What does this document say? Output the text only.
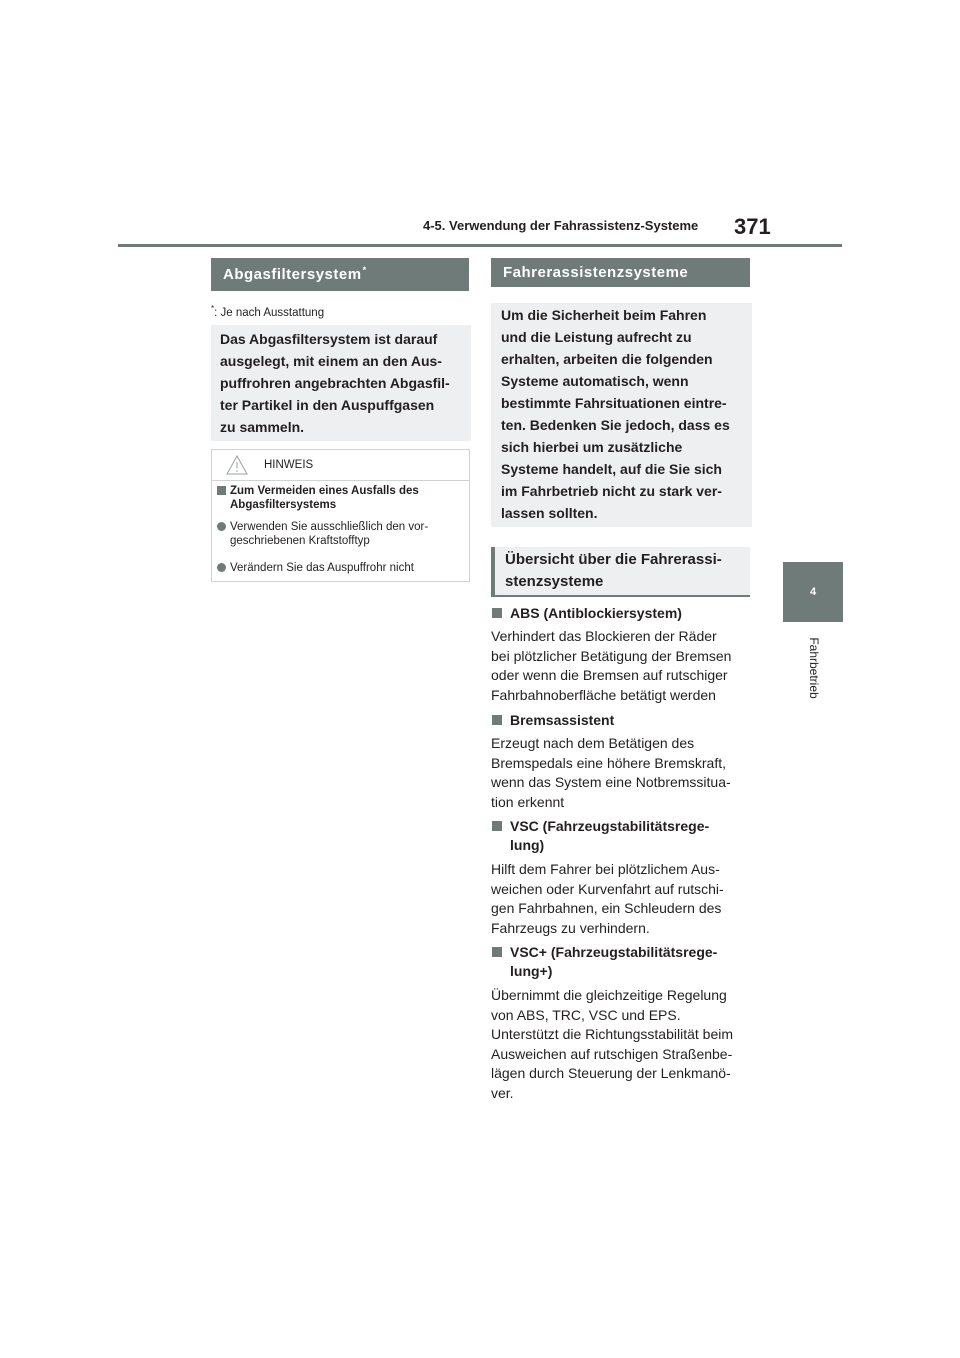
4-5. Verwendung der Fahrassistenz-Systeme 371
4
Fahrbetrieb
Abgasfiltersystem*
*: Je nach Ausstattung
Das Abgasfiltersystem ist darauf
ausgelegt, mit einem an den Aus-
puffrohren angebrachten Abgasfil-
ter Partikel in den Auspuffgasen
zu sammeln.
HINWEIS
Zum Vermeiden eines Ausfalls des
Abgasfiltersystems
Verwenden Sie ausschließlich den vor-
geschriebenen Kraftstofftyp
Verändern Sie das Auspuffrohr nicht
Fahrerassistenzsysteme
Um die Sicherheit beim Fahren
und die Leistung aufrecht zu
erhalten, arbeiten die folgenden
Systeme automatisch, wenn
bestimmte Fahrsituationen eintre-
ten. Bedenken Sie jedoch, dass es
sich hierbei um zusätzliche
Systeme handelt, auf die Sie sich
im Fahrbetrieb nicht zu stark ver-
lassen sollten.
Übersicht über die Fahrerassi-
stenzsysteme
ABS (Antiblockiersystem)
Verhindert das Blockieren der Räder
bei plötzlicher Betätigung der Bremsen
oder wenn die Bremsen auf rutschiger
Fahrbahnoberfläche betätigt werden
Bremsassistent
Erzeugt nach dem Betätigen des
Bremspedals eine höhere Bremskraft,
wenn das System eine Notbremssitua-
tion erkennt
VSC (Fahrzeugstabilitätsrege-
lung)
Hilft dem Fahrer bei plötzlichem Aus-
weichen oder Kurvenfahrt auf rutschi-
gen Fahrbahnen, ein Schleudern des
Fahrzeugs zu verhindern.
VSC+ (Fahrzeugstabilitätsrege-
lung+)
Übernimmt die gleichzeitige Regelung
von ABS, TRC, VSC und EPS.
Unterstützt die Richtungsstabilität beim
Ausweichen auf rutschigen Straßenbe-
lägen durch Steuerung der Lenkmanö-
ver.
